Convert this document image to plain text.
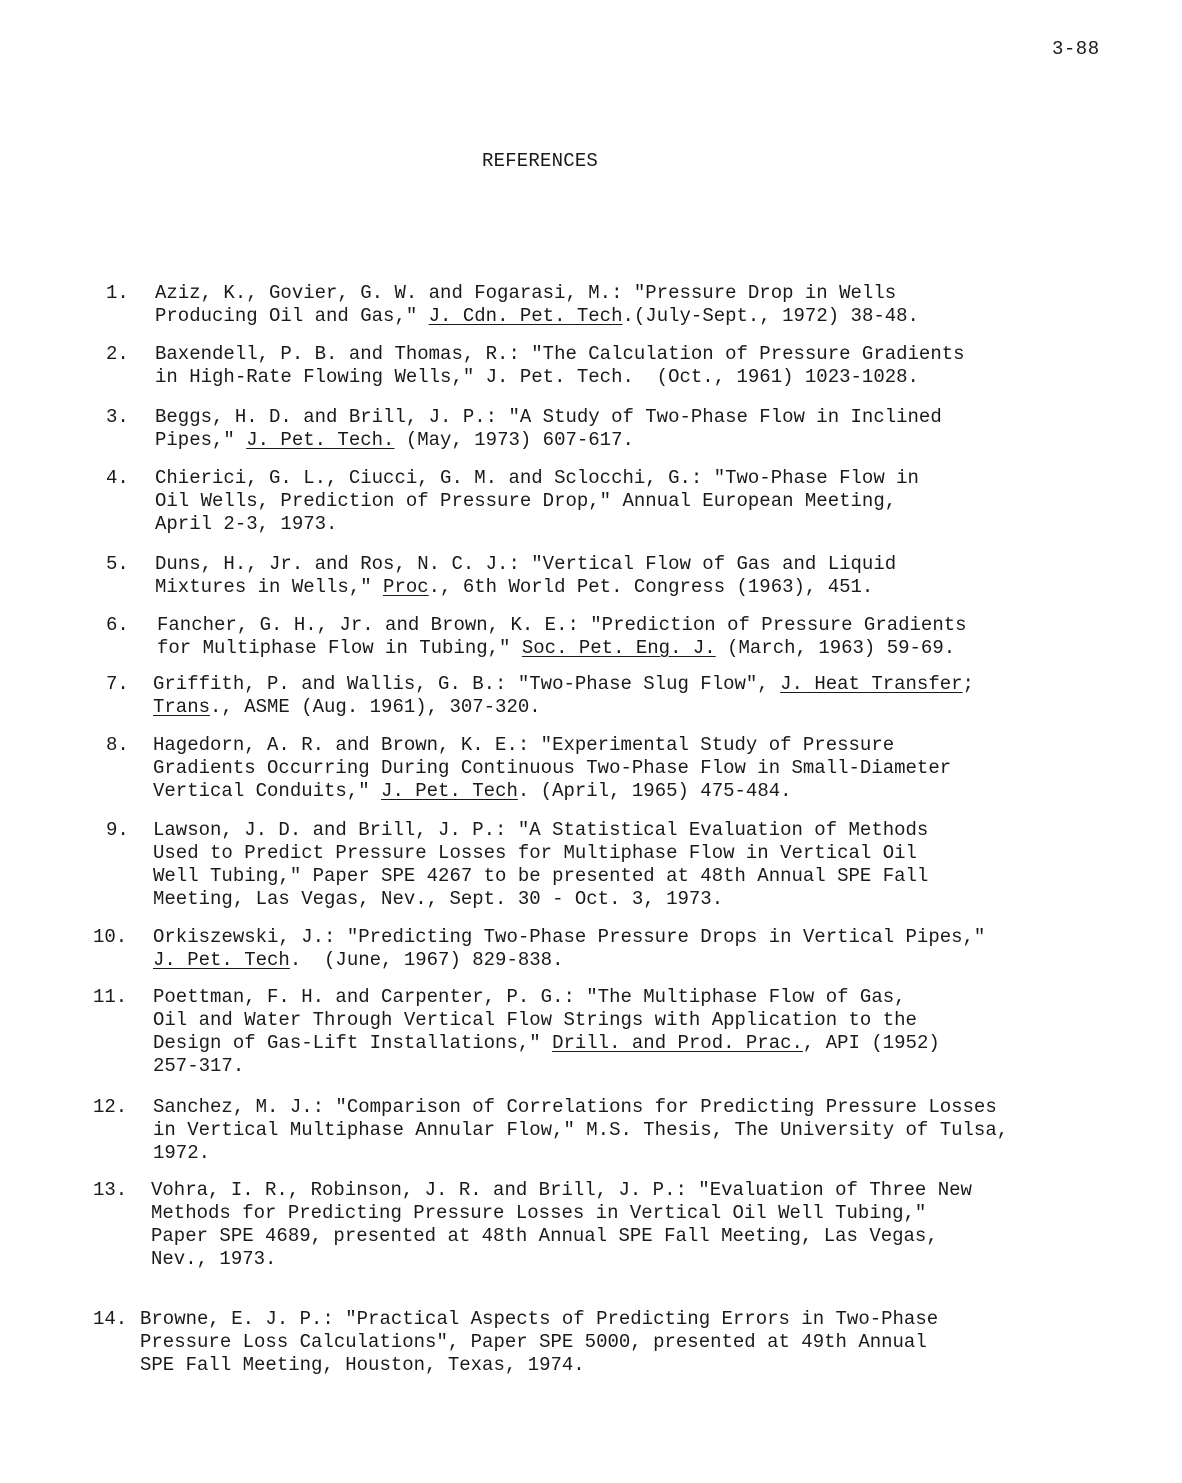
3-88
REFERENCES
1.	Aziz, K., Govier, G. W. and Fogarasi, M.: "Pressure Drop in Wells
Producing Oil and Gas," J. Cdn. Pet. Tech.(July-Sept., 1972) 38-48.
2.	Baxendell, P. B. and Thomas, R.: "The Calculation of Pressure Gradients
in High-Rate Flowing Wells," J. Pet. Tech.  (Oct., 1961) 1023-1028.
3.	Beggs, H. D. and Brill, J. P.: "A Study of Two-Phase Flow in Inclined
Pipes," J. Pet. Tech. (May, 1973) 607-617.
4.	Chierici, G. L., Ciucci, G. M. and Sclocchi, G.: "Two-Phase Flow in
Oil Wells, Prediction of Pressure Drop," Annual European Meeting,
April 2-3, 1973.
5.	Duns, H., Jr. and Ros, N. C. J.: "Vertical Flow of Gas and Liquid
Mixtures in Wells," Proc., 6th World Pet. Congress (1963), 451.
6.	Fancher, G. H., Jr. and Brown, K. E.: "Prediction of Pressure Gradients
for Multiphase Flow in Tubing," Soc. Pet. Eng. J. (March, 1963) 59-69.
7.	Griffith, P. and Wallis, G. B.: "Two-Phase Slug Flow", J. Heat Transfer;
Trans., ASME (Aug. 1961), 307-320.
8.	Hagedorn, A. R. and Brown, K. E.: "Experimental Study of Pressure
Gradients Occurring During Continuous Two-Phase Flow in Small-Diameter
Vertical Conduits," J. Pet. Tech. (April, 1965) 475-484.
9.	Lawson, J. D. and Brill, J. P.: "A Statistical Evaluation of Methods
Used to Predict Pressure Losses for Multiphase Flow in Vertical Oil
Well Tubing," Paper SPE 4267 to be presented at 48th Annual SPE Fall
Meeting, Las Vegas, Nev., Sept. 30 - Oct. 3, 1973.
10.	Orkiszewski, J.: "Predicting Two-Phase Pressure Drops in Vertical Pipes,"
J. Pet. Tech.  (June, 1967) 829-838.
11.	Poettman, F. H. and Carpenter, P. G.: "The Multiphase Flow of Gas,
Oil and Water Through Vertical Flow Strings with Application to the
Design of Gas-Lift Installations," Drill. and Prod. Prac., API (1952)
257-317.
12.	Sanchez, M. J.: "Comparison of Correlations for Predicting Pressure Losses
in Vertical Multiphase Annular Flow," M.S. Thesis, The University of Tulsa,
1972.
13.	Vohra, I. R., Robinson, J. R. and Brill, J. P.: "Evaluation of Three New
Methods for Predicting Pressure Losses in Vertical Oil Well Tubing,"
Paper SPE 4689, presented at 48th Annual SPE Fall Meeting, Las Vegas,
Nev., 1973.
14. Browne, E. J. P.: "Practical Aspects of Predicting Errors in Two-Phase
Pressure Loss Calculations", Paper SPE 5000, presented at 49th Annual
SPE Fall Meeting, Houston, Texas, 1974.
